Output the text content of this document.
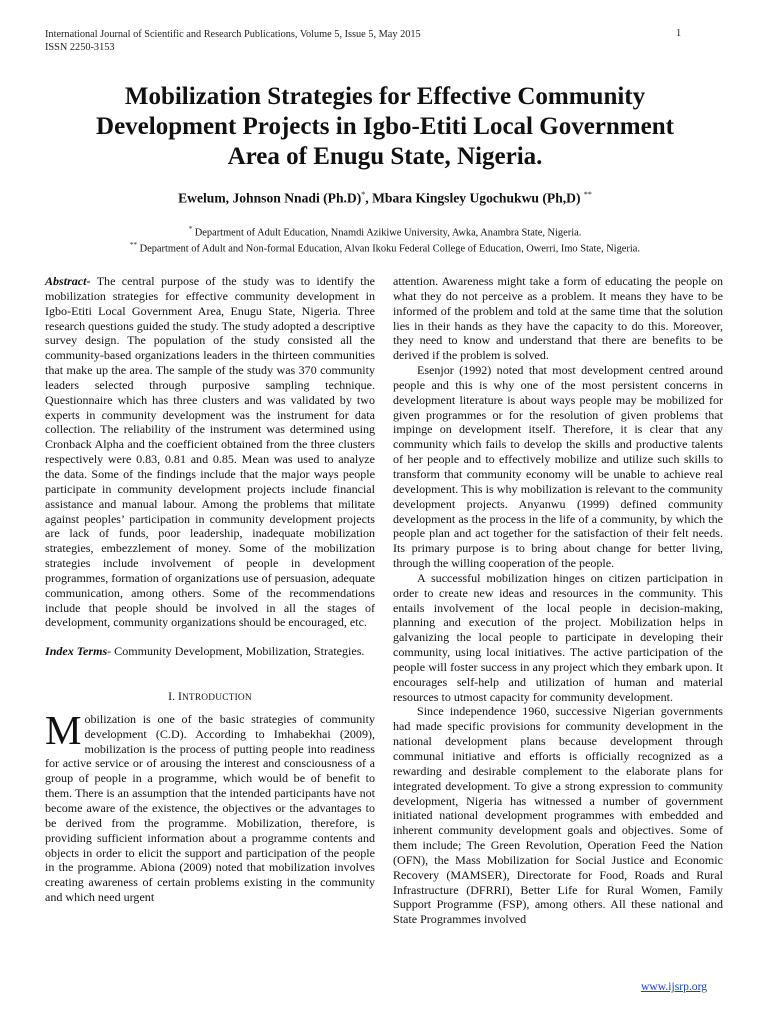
International Journal of Scientific and Research Publications, Volume 5, Issue 5, May 2015
ISSN 2250-3153
1
Mobilization Strategies for Effective Community
Development Projects in Igbo-Etiti Local Government
Area of Enugu State, Nigeria.
Ewelum, Johnson Nnadi (Ph.D)*, Mbara Kingsley Ugochukwu (Ph,D) **
* Department of Adult Education, Nnamdi Azikiwe University, Awka, Anambra State, Nigeria.
** Department of Adult and Non-formal Education, Alvan Ikoku Federal College of Education, Owerri, Imo State, Nigeria.

Abstract- The central purpose of the study was to identify the mobilization strategies for effective community development in Igbo-Etiti Local Government Area, Enugu State, Nigeria. Three research questions guided the study. The study adopted a descriptive survey design. The population of the study consisted all the community-based organizations leaders in the thirteen communities that make up the area. The sample of the study was 370 community leaders selected through purposive sampling technique. Questionnaire which has three clusters and was validated by two experts in community development was the instrument for data collection. The reliability of the instrument was determined using Cronback Alpha and the coefficient obtained from the three clusters respectively were 0.83, 0.81 and 0.85. Mean was used to analyze the data. Some of the findings include that the major ways people participate in community development projects include financial assistance and manual labour. Among the problems that militate against peoples’ participation in community development projects are lack of funds, poor leadership, inadequate mobilization strategies, embezzlement of money. Some of the mobilization strategies include involvement of people in development programmes, formation of organizations use of persuasion, adequate communication, among others. Some of the recommendations include that people should be involved in all the stages of development, community organizations should be encouraged, etc.

Index Terms- Community Development, Mobilization, Strategies.

I. INTRODUCTION

Mobilization is one of the basic strategies of community development (C.D). According to Imhabekhai (2009), mobilization is the process of putting people into readiness for active service or of arousing the interest and consciousness of a group of people in a programme, which would be of benefit to them. There is an assumption that the intended participants have not become aware of the existence, the objectives or the advantages to be derived from the programme. Mobilization, therefore, is providing sufficient information about a programme contents and objects in order to elicit the support and participation of the people in the programme. Abiona (2009) noted that mobilization involves creating awareness of certain problems existing in the community and which need urgent

attention. Awareness might take a form of educating the people on what they do not perceive as a problem. It means they have to be informed of the problem and told at the same time that the solution lies in their hands as they have the capacity to do this. Moreover, they need to know and understand that there are benefits to be derived if the problem is solved.

Esenjor (1992) noted that most development centred around people and this is why one of the most persistent concerns in development literature is about ways people may be mobilized for given programmes or for the resolution of given problems that impinge on development itself. Therefore, it is clear that any community which fails to develop the skills and productive talents of her people and to effectively mobilize and utilize such skills to transform that community economy will be unable to achieve real development. This is why mobilization is relevant to the community development projects. Anyanwu (1999) defined community development as the process in the life of a community, by which the people plan and act together for the satisfaction of their felt needs. Its primary purpose is to bring about change for better living, through the willing cooperation of the people.

A successful mobilization hinges on citizen participation in order to create new ideas and resources in the community. This entails involvement of the local people in decision-making, planning and execution of the project. Mobilization helps in galvanizing the local people to participate in developing their community, using local initiatives. The active participation of the people will foster success in any project which they embark upon. It encourages self-help and utilization of human and material resources to utmost capacity for community development.

Since independence 1960, successive Nigerian governments had made specific provisions for community development in the national development plans because development through communal initiative and efforts is officially recognized as a rewarding and desirable complement to the elaborate plans for integrated development. To give a strong expression to community development, Nigeria has witnessed a number of government initiated national development programmes with embedded and inherent community development goals and objectives. Some of them include; The Green Revolution, Operation Feed the Nation (OFN), the Mass Mobilization for Social Justice and Economic Recovery (MAMSER), Directorate for Food, Roads and Rural Infrastructure (DFRRI), Better Life for Rural Women, Family Support Programme (FSP), among others. All these national and State Programmes involved

www.ijsrp.org
